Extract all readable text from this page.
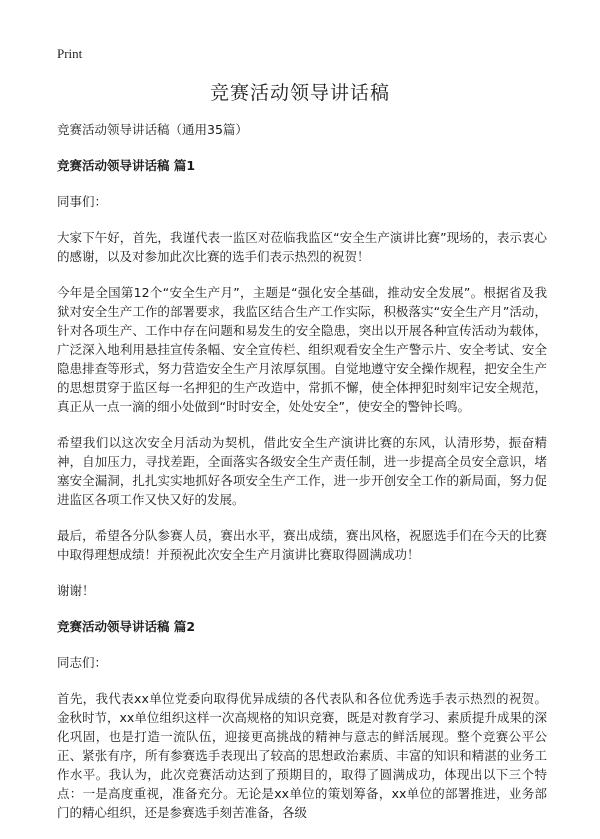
Print
竞赛活动领导讲话稿

竞赛活动领导讲话稿（通用35篇）

竞赛活动领导讲话稿 篇1

同事们：

大家下午好，首先，我谨代表一监区对莅临我监区“安全生产演讲比赛”现场的，表示衷心的感谢，以及对参加此次比赛的选手们表示热烈的祝贺！

今年是全国第12个“安全生产月”，主题是“强化安全基础，推动安全发展”。根据省及我狱对安全生产工作的部署要求，我监区结合生产工作实际，积极落实“安全生产月”活动，针对各项生产、工作中存在问题和易发生的安全隐患，突出以开展各种宣传活动为载体，广泛深入地利用悬挂宣传条幅、安全宣传栏、组织观看安全生产警示片、安全考试、安全隐患排查等形式，努力营造安全生产月浓厚氛围。自觉地遵守安全操作规程，把安全生产的思想贯穿于监区每一名押犯的生产改造中，常抓不懈，使全体押犯时刻牢记安全规范，真正从一点一滴的细小处做到“时时安全，处处安全”，使安全的警钟长鸣。

希望我们以这次安全月活动为契机，借此安全生产演讲比赛的东风，认清形势，振奋精神，自加压力，寻找差距，全面落实各级安全生产责任制，进一步提高全员安全意识，堵塞安全漏洞，扎扎实实地抓好各项安全生产工作，进一步开创安全工作的新局面，努力促进监区各项工作又快又好的发展。

最后，希望各分队参赛人员，赛出水平，赛出成绩，赛出风格，祝愿选手们在今天的比赛中取得理想成绩！并预祝此次安全生产月演讲比赛取得圆满成功！

谢谢！

竞赛活动领导讲话稿 篇2

同志们：

首先，我代表xx单位党委向取得优异成绩的各代表队和各位优秀选手表示热烈的祝贺。 金秋时节，xx单位组织这样一次高规格的知识竞赛，既是对教育学习、素质提升成果的深化巩固，也是打造一流队伍，迎接更高挑战的精神与意志的鲜活展现。整个竞赛公平公正、紧张有序，所有参赛选手表现出了较高的思想政治素质、丰富的知识和精湛的业务工作水平。我认为，此次竞赛活动达到了预期目的，取得了圆满成功，体现出以下三个特点：一是高度重视，准备充分。无论是xx单位的策划筹备，xx单位的部署推进，业务部门的精心组织，还是参赛选手刻苦准备，各级
